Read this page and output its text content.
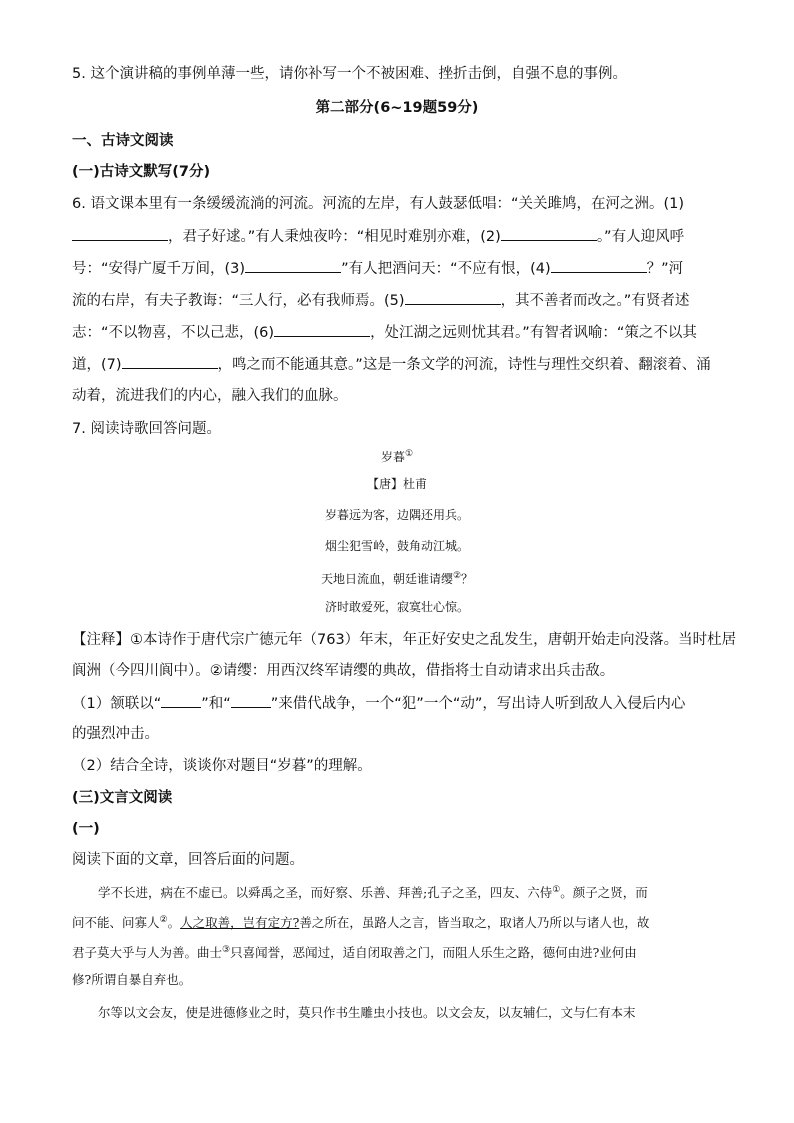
5. 这个演讲稿的事例单薄一些，请你补写一个不被困难、挫折击倒，自强不息的事例。
第二部分(6~19题59分)
一、古诗文阅读
(一)古诗文默写(7分)
6. 语文课本里有一条缓缓流淌的河流。河流的左岸，有人鼓瑟低唱：“关关雎鸠，在河之洲。(1)
，君子好逑。”有人秉烛夜吟：“相见时难别亦难，(2)	。”有人迎风呼
号：“安得广厦千万间，(3)	”有人把酒问天：“不应有恨，(4)	？”河
流的右岸，有夫子教诲：“三人行，必有我师焉。(5)	，其不善者而改之。”有贤者述
志：“不以物喜，不以己悲，(6)	，处江湖之远则忧其君。”有智者讽喻：“策之不以其
道，(7)	，鸣之而不能通其意。”这是一条文学的河流，诗性与理性交织着、翻滚着、涌
动着，流进我们的内心，融入我们的血脉。
7. 阅读诗歌回答问题。
岁暮①
【唐】杜甫
岁暮远为客，边隅还用兵。
烟尘犯雪岭，鼓角动江城。
天地日流血，朝廷谁请缨②？
济时敢爱死，寂寞壮心惊。
【注释】①本诗作于唐代宗广德元年（763）年末，年正好安史之乱发生，唐朝开始走向没落。当时杜居
阆洲（今四川阆中）。②请缨：用西汉终军请缨的典故，借指将士自动请求出兵击敌。
（1）颔联以“	”和“	”来借代战争，一个“犯”一个“动”，写出诗人听到敌人入侵后内心
的强烈冲击。
（2）结合全诗，谈谈你对题目“岁暮”的理解。
(三)文言文阅读
(一)
阅读下面的文章，回答后面的问题。
学不长进，病在不虚已。以舜禹之圣，而好察、乐善、拜善;孔子之圣，四友、六侍①。颜子之贤，而
问不能、问寡人②。人之取善，岂有定方?善之所在，虽路人之言，皆当取之，取诸人乃所以与诸人也，故
君子莫大乎与人为善。曲士③只喜闻誉，恶闻过，适自闭取善之门，而阻人乐生之路，德何由进?业何由
修?所谓自暴自弃也。
尔等以文会友，使是进德修业之时，莫只作书生雕虫小技也。以文会友，以友辅仁，文与仁有本末
